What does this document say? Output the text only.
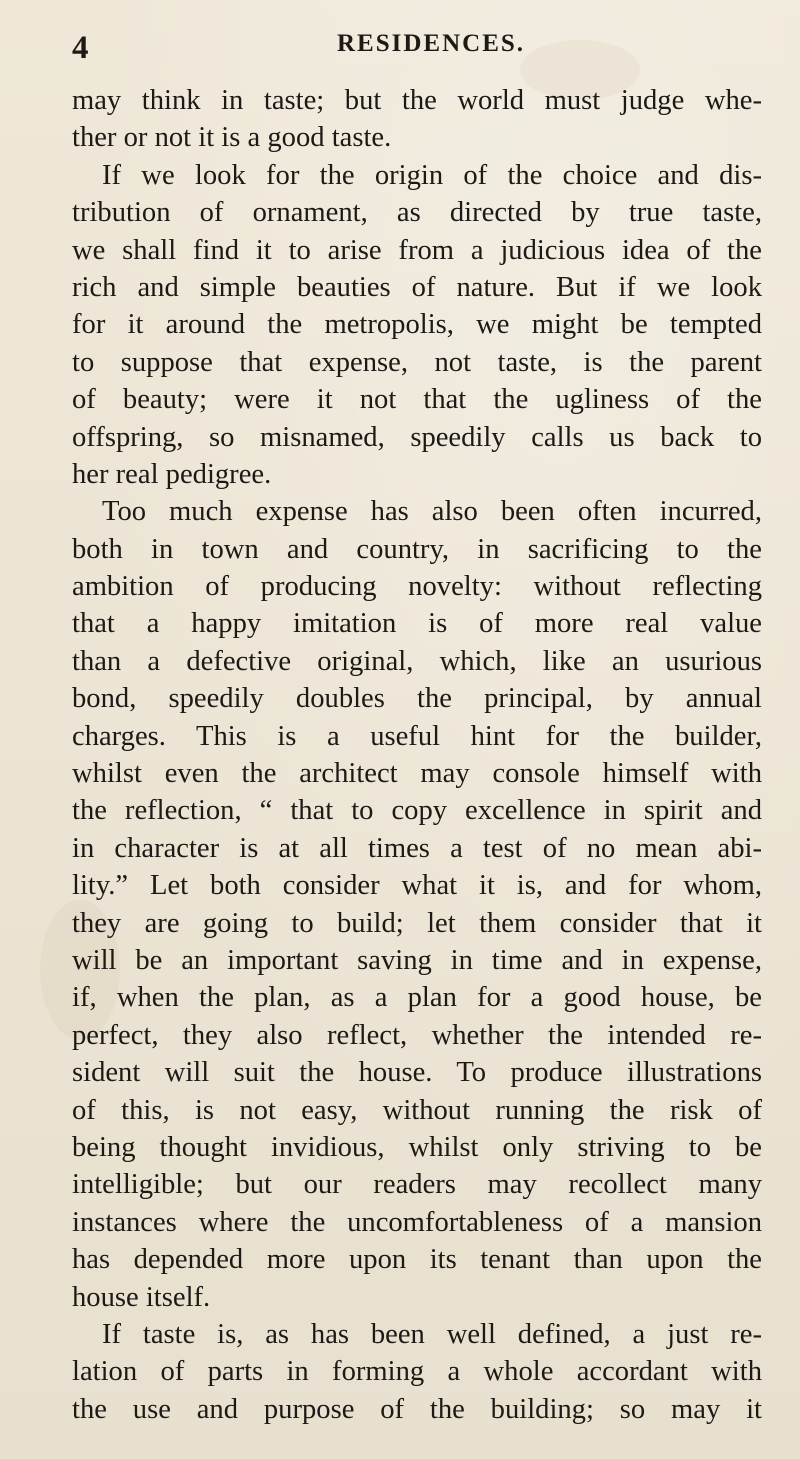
4	RESIDENCES.
may think in taste; but the world must judge whe-
ther or not it is a good taste.
If we look for the origin of the choice and dis-
tribution of ornament, as directed by true taste,
we shall find it to arise from a judicious idea of the
rich and simple beauties of nature. But if we look
for it around the metropolis, we might be tempted
to suppose that expense, not taste, is the parent
of beauty; were it not that the ugliness of the
offspring, so misnamed, speedily calls us back to
her real pedigree.
Too much expense has also been often incurred,
both in town and country, in sacrificing to the
ambition of producing novelty: without reflecting
that a happy imitation is of more real value
than a defective original, which, like an usurious
bond, speedily doubles the principal, by annual
charges. This is a useful hint for the builder,
whilst even the architect may console himself with
the reflection, “ that to copy excellence in spirit and
in character is at all times a test of no mean abi-
lity.” Let both consider what it is, and for whom,
they are going to build; let them consider that it
will be an important saving in time and in expense,
if, when the plan, as a plan for a good house, be
perfect, they also reflect, whether the intended re-
sident will suit the house. To produce illustrations
of this, is not easy, without running the risk of
being thought invidious, whilst only striving to be
intelligible; but our readers may recollect many
instances where the uncomfortableness of a mansion
has depended more upon its tenant than upon the
house itself.
If taste is, as has been well defined, a just re-
lation of parts in forming a whole accordant with
the use and purpose of the building; so may it
